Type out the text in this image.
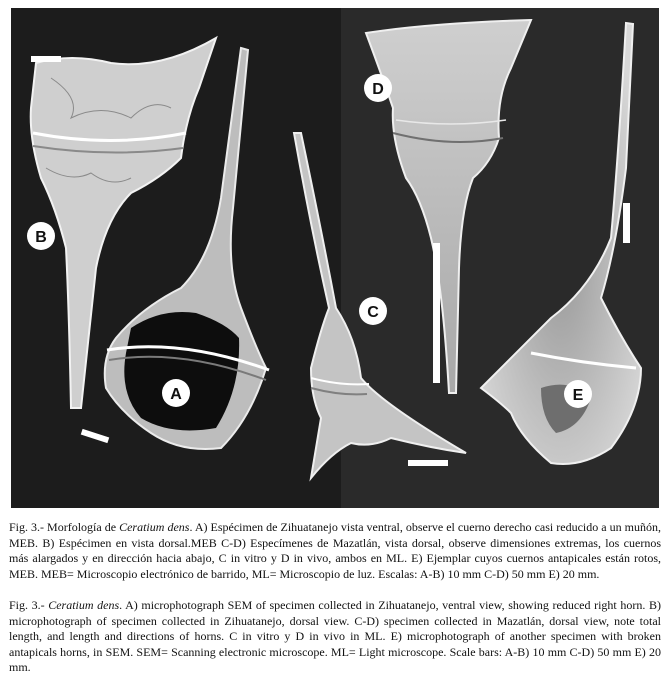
B
A
C
D
E
Fig. 3.- Morfología de Ceratium dens. A) Espécimen de Zihuatanejo vista ventral, observe el cuerno derecho casi reducido a un muñón, MEB. B) Espécimen en vista dorsal.MEB C-D) Especímenes de Mazatlán, vista dorsal, observe dimensiones extremas, los cuernos más alargados y en dirección hacia abajo, C in vitro y D in vivo, ambos en ML. E) Ejemplar cuyos cuernos antapicales están rotos, MEB. MEB= Microscopio electrónico de barrido, ML= Microscopio de luz. Escalas: A-B) 10 mm C-D) 50 mm E) 20 mm.
Fig. 3.- Ceratium dens. A) microphotograph SEM of specimen collected in Zihuatanejo, ventral view, showing reduced right horn. B) microphotograph of specimen collected in Zihuatanejo, dorsal view. C-D) specimen collected in Mazatlán, dorsal view, note total length, and length and directions of horns. C in vitro y D in vivo in ML. E) microphotograph of another specimen with broken antapicals horns, in SEM. SEM= Scanning electronic microscope. ML= Light microscope. Scale bars: A-B) 10 mm C-D) 50 mm E) 20 mm.
